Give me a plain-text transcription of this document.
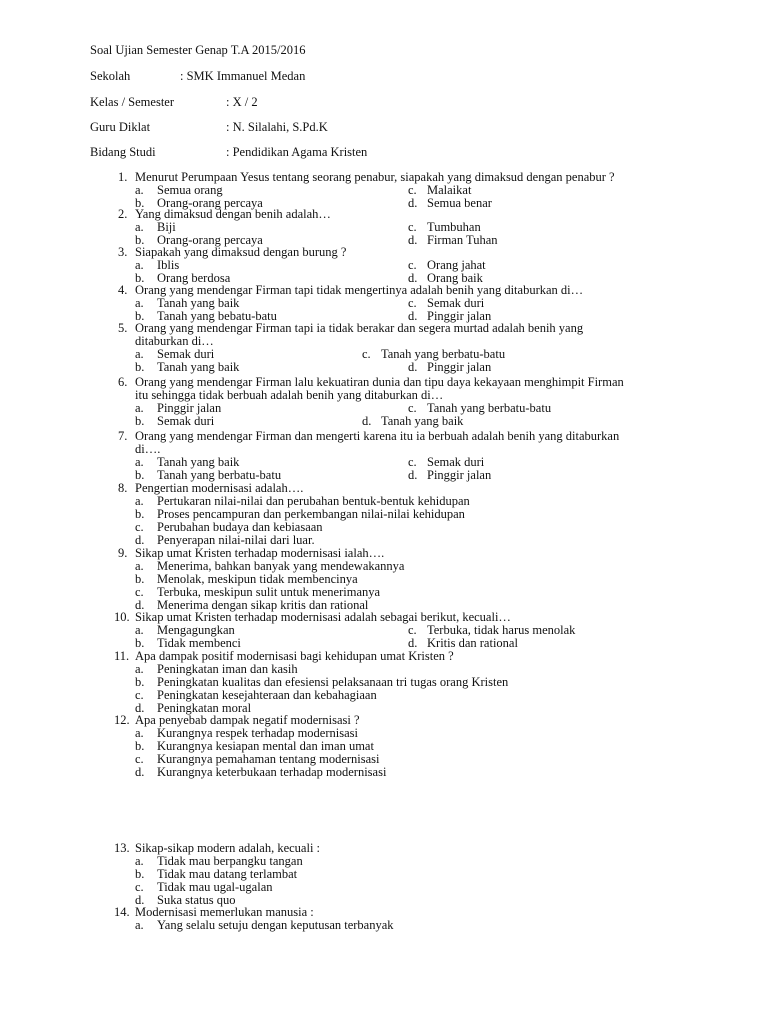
Soal Ujian Semester Genap T.A 2015/2016
Sekolah	: SMK Immanuel Medan
Kelas / Semester	: X / 2
Guru Diklat	: N. Silalahi, S.Pd.K
Bidang Studi	: Pendidikan Agama Kristen
1. Menurut Perumpaan Yesus tentang seorang penabur, siapakah yang dimaksud dengan penabur ?
a. Semua orang	c. Malaikat
b. Orang-orang percaya	d. Semua benar
2. Yang dimaksud dengan benih adalah…
a. Biji	c. Tumbuhan
b. Orang-orang percaya	d. Firman Tuhan
3. Siapakah yang dimaksud dengan burung ?
a. Iblis	c. Orang jahat
b. Orang berdosa	d. Orang baik
4. Orang yang mendengar Firman tapi tidak mengertinya adalah benih yang ditaburkan di…
a. Tanah yang baik	c. Semak duri
b. Tanah yang bebatu-batu	d. Pinggir jalan
5. Orang yang mendengar Firman tapi ia tidak berakar dan segera murtad adalah benih yang
ditaburkan di…
a. Semak duri	c. Tanah yang berbatu-batu
b. Tanah yang baik	d. Pinggir jalan
6. Orang yang mendengar Firman lalu kekuatiran dunia dan tipu daya kekayaan menghimpit Firman
itu sehingga tidak berbuah adalah benih yang ditaburkan di…
a. Pinggir jalan	c. Tanah yang berbatu-batu
b. Semak duri	d. Tanah yang baik
7. Orang yang mendengar Firman dan mengerti karena itu ia berbuah adalah benih yang ditaburkan
di….
a. Tanah yang baik	c. Semak duri
b. Tanah yang berbatu-batu	d. Pinggir jalan
8. Pengertian modernisasi adalah….
a. Pertukaran nilai-nilai dan perubahan bentuk-bentuk kehidupan
b. Proses pencampuran dan perkembangan nilai-nilai kehidupan
c. Perubahan budaya dan kebiasaan
d. Penyerapan nilai-nilai dari luar.
9. Sikap umat Kristen terhadap modernisasi ialah….
a. Menerima, bahkan banyak yang mendewakannya
b. Menolak, meskipun tidak membencinya
c. Terbuka, meskipun sulit untuk menerimanya
d. Menerima dengan sikap kritis dan rational
10. Sikap umat Kristen terhadap modernisasi adalah sebagai berikut, kecuali…
a. Mengagungkan	c. Terbuka, tidak harus menolak
b. Tidak membenci	d. Kritis dan rational
11. Apa dampak positif modernisasi bagi kehidupan umat Kristen ?
a. Peningkatan iman dan kasih
b. Peningkatan kualitas dan efesiensi pelaksanaan tri tugas orang Kristen
c. Peningkatan kesejahteraan dan kebahagiaan
d. Peningkatan moral
12. Apa penyebab dampak negatif modernisasi ?
a. Kurangnya respek terhadap modernisasi
b. Kurangnya kesiapan mental dan iman umat
c. Kurangnya pemahaman tentang modernisasi
d. Kurangnya keterbukaan terhadap modernisasi
13. Sikap-sikap modern adalah, kecuali :
a. Tidak mau berpangku tangan
b. Tidak mau datang terlambat
c. Tidak mau ugal-ugalan
d. Suka status quo
14. Modernisasi memerlukan manusia :
a. Yang selalu setuju dengan keputusan terbanyak
